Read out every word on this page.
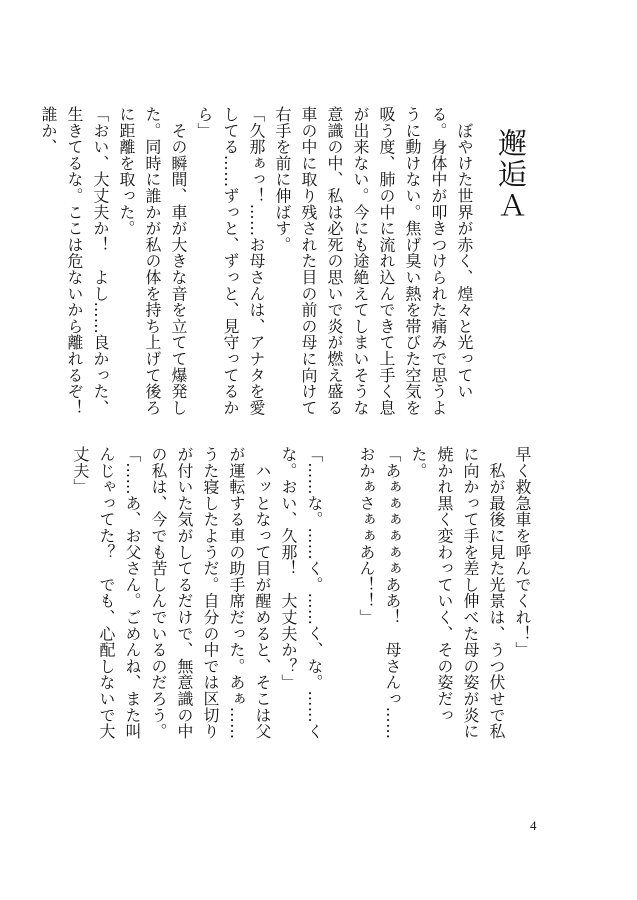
邂逅Ａ

　ぼやけた世界が赤く、煌々と光っている。身体中が叩きつけられた痛みで思うように動けない。焦げ臭い熱を帯びた空気を吸う度、肺の中に流れ込んできて上手く息が出来ない。今にも途絶えてしまいそうな意識の中、私は必死の思いで炎が燃え盛る車の中に取り残された目の前の母に向けて右手を前に伸ばす。

「久那ぁっ！……お母さんは、アナタを愛してる……ずっと、ずっと、見守ってるから」

　その瞬間、車が大きな音を立てて爆発した。同時に誰かが私の体を持ち上げて後ろに距離を取った。

「おい、大丈夫か！　よし……良かった、生きてるな。ここは危ないから離れるぞ！　誰か、

早く救急車を呼んでくれ！」

　私が最後に見た光景は、うつ伏せで私に向かって手を差し伸べた母の姿が炎に焼かれ黒く変わっていく、その姿だった。

「あぁぁぁぁぁぁああ！　母さんっ……おかぁさぁぁあん！！」

「……な。……く。……く、な。……くな。おい、久那！　大丈夫か？」

　ハッとなって目が醒めると、そこは父が運転する車の助手席だった。あぁ……うた寝したようだ。自分の中では区切りが付いた気がしてるだけで、無意識の中の私は、今でも苦しんでいるのだろう。

「……あ、お父さん。ごめんね、また叫んじゃってた？　でも、心配しないで大丈夫」

4
